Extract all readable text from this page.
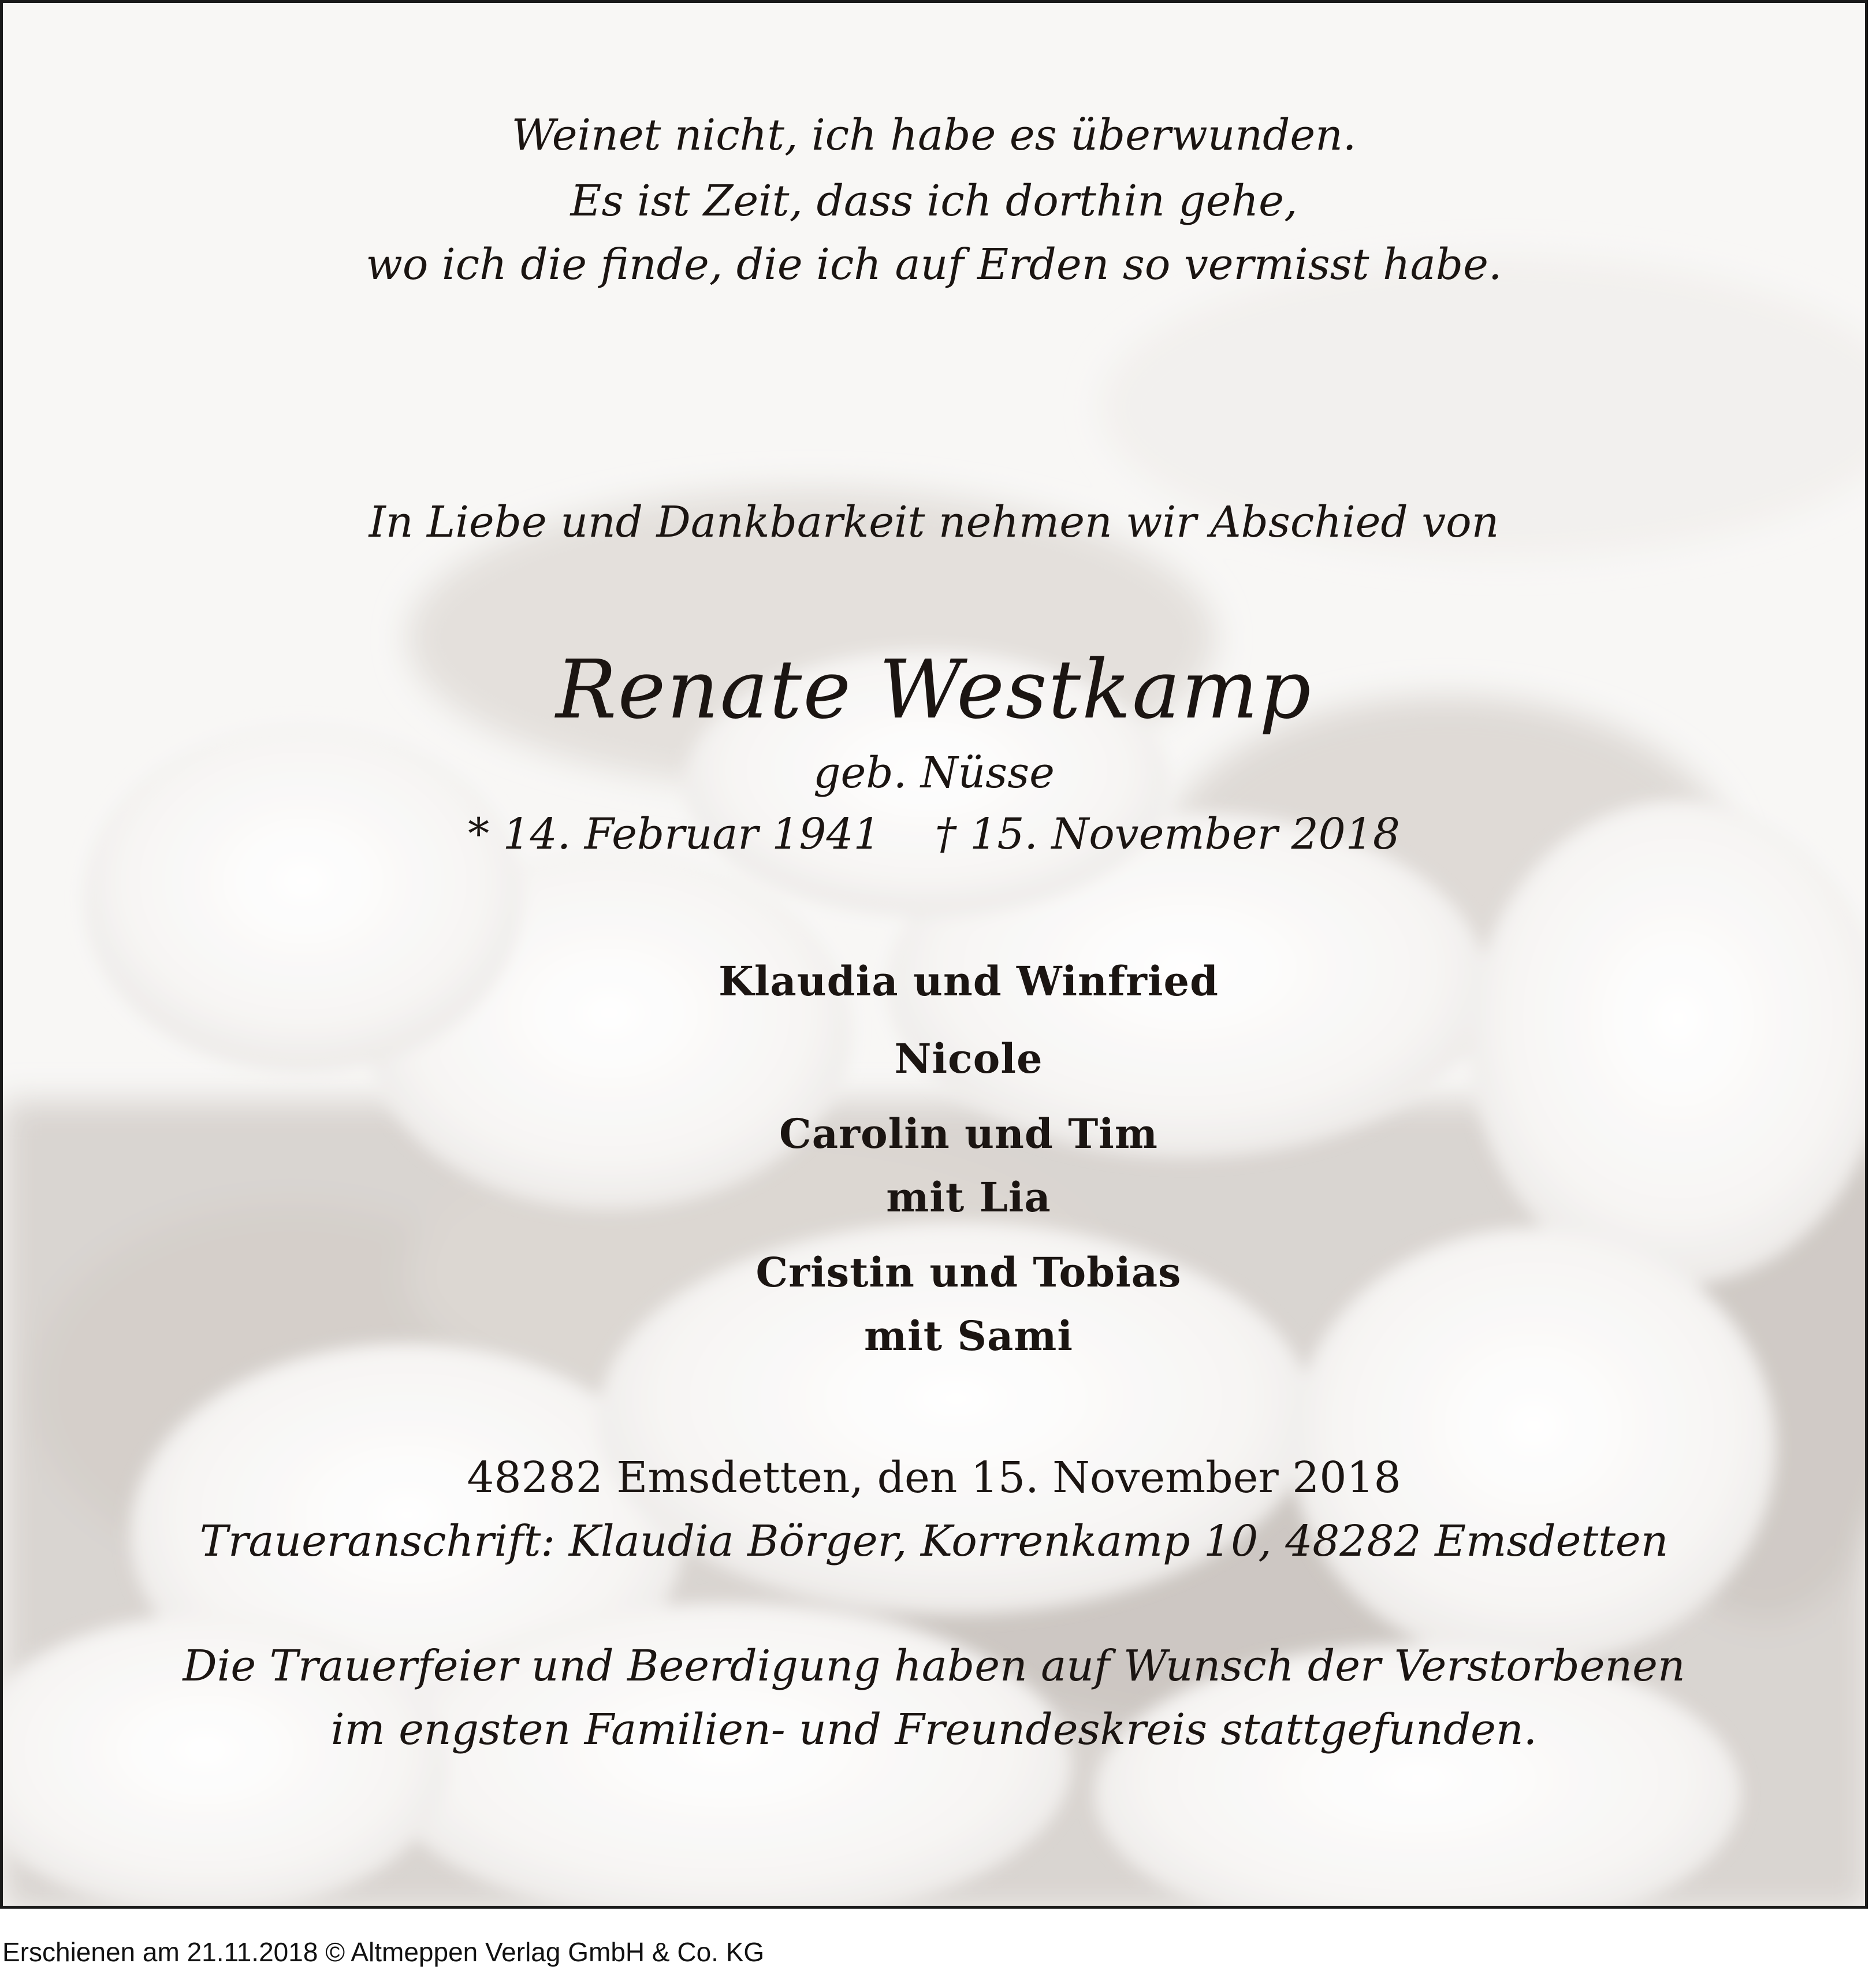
Weinet nicht, ich habe es überwunden.
Es ist Zeit, dass ich dorthin gehe,
wo ich die finde, die ich auf Erden so vermisst habe.
In Liebe und Dankbarkeit nehmen wir Abschied von
Renate Westkamp
geb. Nüsse
* 14. Februar 1941    † 15. November 2018
Klaudia und Winfried
Nicole
Carolin und Tim
mit Lia
Cristin und Tobias
mit Sami
48282 Emsdetten, den 15. November 2018
Traueranschrift: Klaudia Börger, Korrenkamp 10, 48282 Emsdetten
Die Trauerfeier und Beerdigung haben auf Wunsch der Verstorbenen
im engsten Familien- und Freundeskreis stattgefunden.
Erschienen am 21.11.2018 © Altmeppen Verlag GmbH & Co. KG
